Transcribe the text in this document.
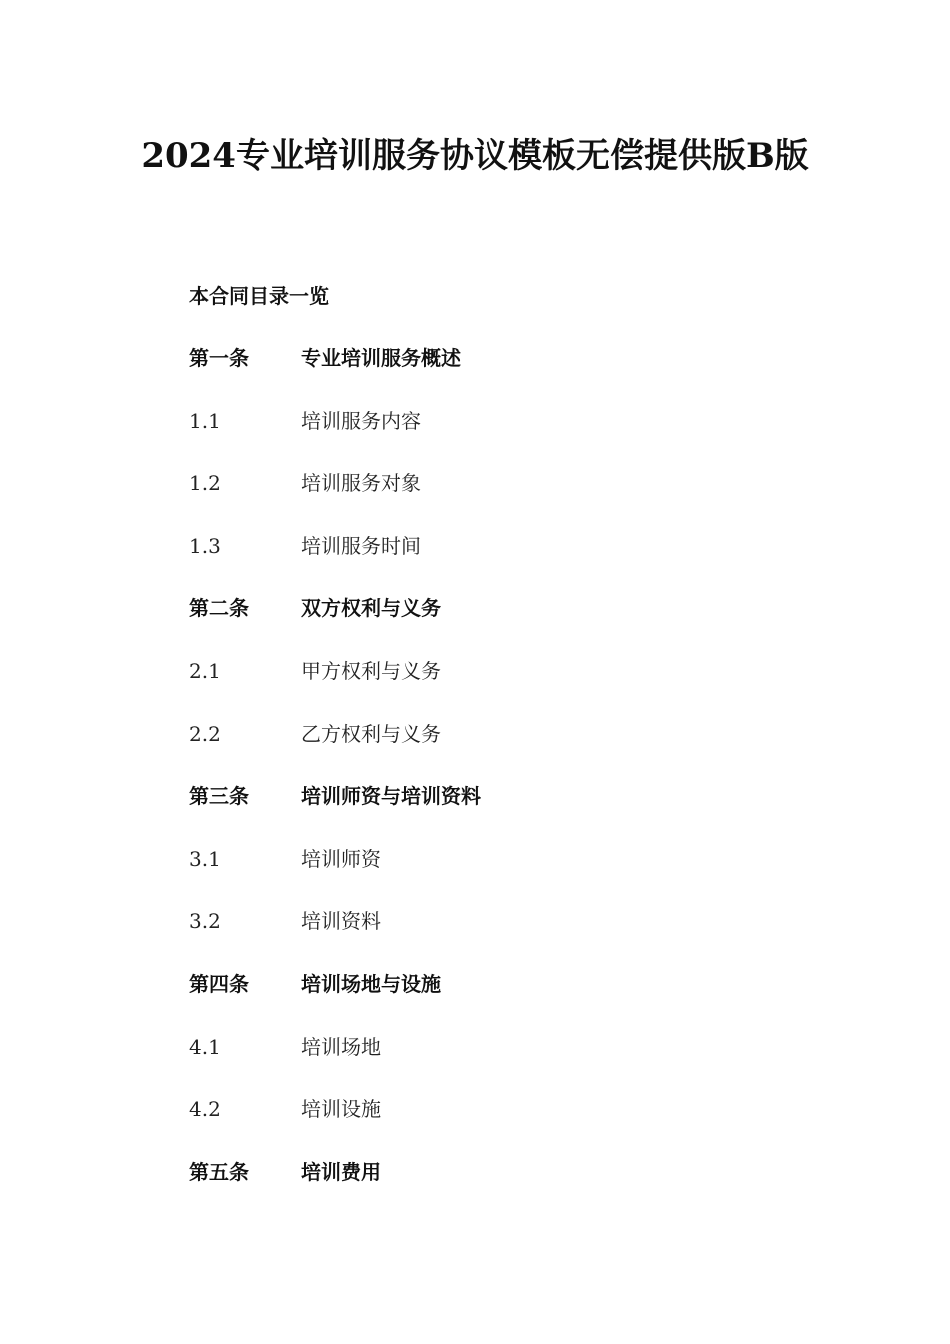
2024专业培训服务协议模板无偿提供版B版
本合同目录一览
第一条	专业培训服务概述
1.1	培训服务内容
1.2	培训服务对象
1.3	培训服务时间
第二条	双方权利与义务
2.1	甲方权利与义务
2.2	乙方权利与义务
第三条	培训师资与培训资料
3.1	培训师资
3.2	培训资料
第四条	培训场地与设施
4.1	培训场地
4.2	培训设施
第五条	培训费用
